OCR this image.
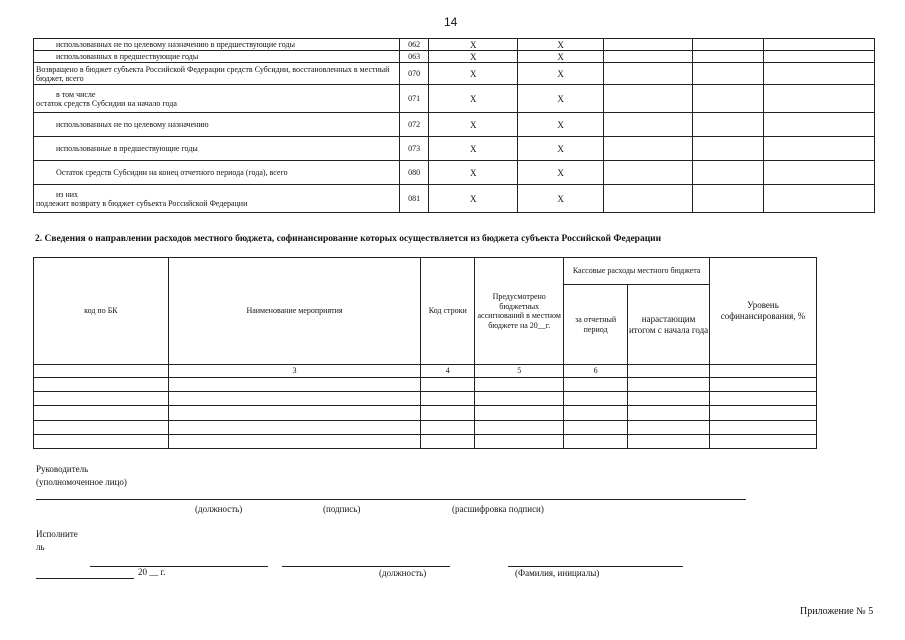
14
использованных не по целевому назначению в предшествующие годы	062	X	X			
использованных в предшествующие годы	063	X	X			
Возвращено в бюджет субъекта Российской Федерации средств Субсидии, восстановленных в местный бюджет, всего	070	X	X			

в том числе
остаток средств Субсидии на начало года	071	X	X			
использованных не по целевому назначению	072	X	X			
использованные в предшествующие годы	073	X	X			
Остаток средств Субсидии на конец отчетного периода (года), всего	080	X	X			

из них
подлежит возврату в бюджет субъекта Российской Федерации	081	X	X			
2. Сведения о направлении расходов местного бюджета, софинансирование которых осуществляется из бюджета субъекта Российской Федерации
код по БК	Наименование мероприятия	Код строки	Предусмотрено бюджетных ассигнований в местном бюджете на 20__г.	Кассовые расходы местного бюджета		Уровень софинансирования, %
				за отчетный период	нарастающим итогом с начала года	
	3	4	5	6		

Руководитель
(уполномоченное лицо)
(должность)	(подпись)	(расшифровка подписи)
Исполните
ль
20 __ г.	(должность)	(Фамилия, инициалы)
Приложение № 5
